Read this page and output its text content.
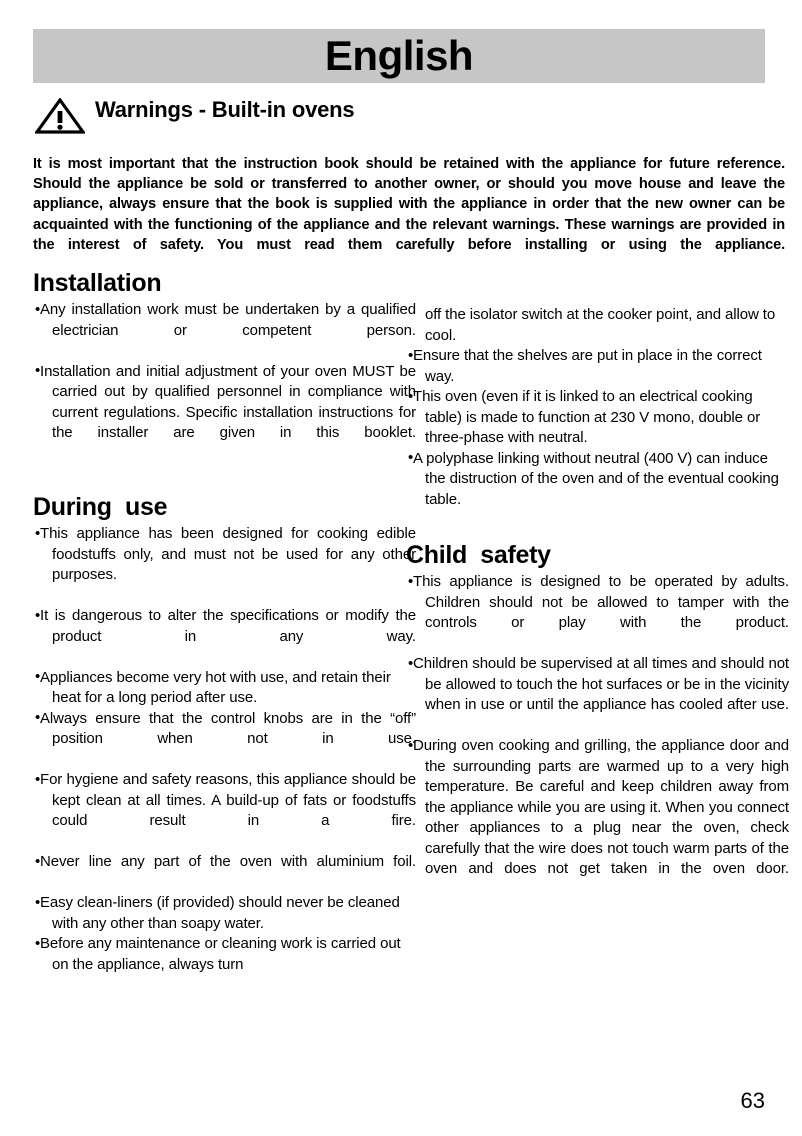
English
Warnings - Built-in ovens

It is most important that the instruction book should be retained with the appliance for future reference. Should the appliance be sold or transferred to another owner, or should you move house and leave the appliance, always ensure that the book is supplied with the appliance in order that the new owner can be acquainted with the functioning of the appliance and the relevant warnings. These warnings are provided in the interest of safety. You must read them carefully before installing or using the appliance.

Installation
• Any installation work must be undertaken by a qualified electrician or competent person.
• Installation and initial adjustment of your oven MUST be carried out by qualified personnel in compliance with current regulations. Specific installation instructions for the installer are given in this booklet.
During  use
• This appliance has been designed for cooking edible foodstuffs only, and must not be used for any other purposes.
• It is dangerous to alter the specifications or modify the product in any way.
• Appliances become very hot with use, and retain their heat for a long period after use.
• Always ensure that the control knobs are in the “off” position when not in use.
• For hygiene and safety reasons, this appliance should be kept clean at all times. A build-up of fats or foodstuffs could result in a fire.
• Never line any part of the oven with aluminium foil.
• Easy clean-liners (if provided) should never be cleaned with any other than soapy water.
• Before any maintenance or cleaning work is carried out on the appliance, always turn
off the isolator switch at the cooker point, and allow to cool.
• Ensure that the shelves are put in place in the correct way.
• This oven (even if it is linked to an electrical cooking table) is made to function at 230 V mono, double or three-phase with neutral.
• A polyphase linking without neutral (400 V) can induce the distruction of the oven and of the eventual cooking table.
Child  safety
• This appliance is designed to be operated by adults. Children should not be allowed to tamper with the controls or play with the product.
• Children should be supervised at all times and should not be allowed to touch the hot surfaces or be in the vicinity when in use or until the appliance has cooled after use.
• During oven cooking and grilling, the appliance door and the surrounding parts are warmed up to a very high temperature. Be careful and keep children away from the appliance while you are using it. When you connect other appliances to a plug near the oven, check carefully that the wire does not touch warm parts of the oven and does not get taken in the oven door.
63
